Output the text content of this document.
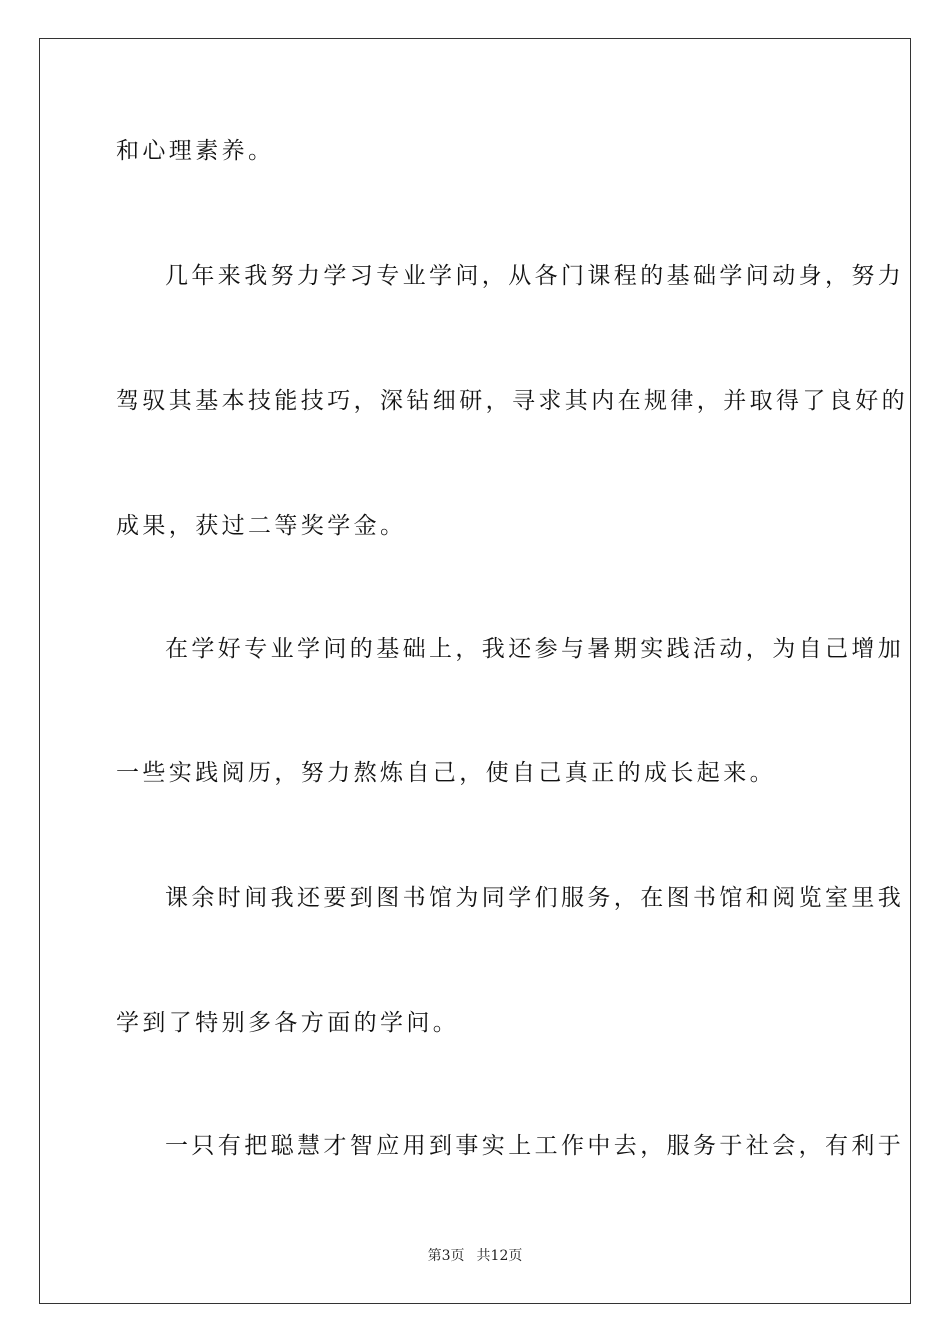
和心理素养。
几年来我努力学习专业学问，从各门课程的基础学问动身，努力
驾驭其基本技能技巧，深钻细研，寻求其内在规律，并取得了良好的
成果，获过二等奖学金。
在学好专业学问的基础上，我还参与暑期实践活动，为自己增加
一些实践阅历，努力熬炼自己，使自己真正的成长起来。
课余时间我还要到图书馆为同学们服务，在图书馆和阅览室里我
学到了特别多各方面的学问。
一只有把聪慧才智应用到事实上工作中去，服务于社会，有利于
第3页 共12页
